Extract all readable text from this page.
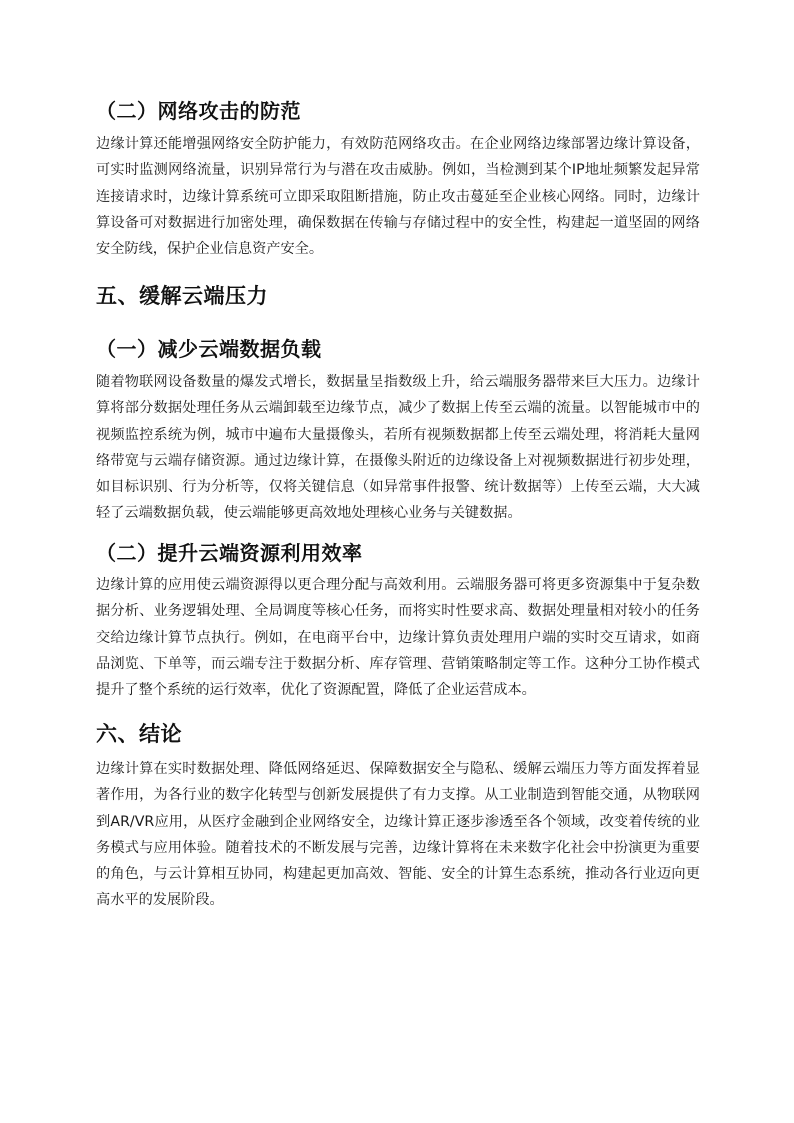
（二）网络攻击的防范

边缘计算还能增强网络安全防护能力，有效防范网络攻击。在企业网络边缘部署边缘计算设备，可实时监测网络流量，识别异常行为与潜在攻击威胁。例如，当检测到某个IP地址频繁发起异常连接请求时，边缘计算系统可立即采取阻断措施，防止攻击蔓延至企业核心网络。同时，边缘计算设备可对数据进行加密处理，确保数据在传输与存储过程中的安全性，构建起一道坚固的网络安全防线，保护企业信息资产安全。

五、缓解云端压力
（一）减少云端数据负载

随着物联网设备数量的爆发式增长，数据量呈指数级上升，给云端服务器带来巨大压力。边缘计算将部分数据处理任务从云端卸载至边缘节点，减少了数据上传至云端的流量。以智能城市中的视频监控系统为例，城市中遍布大量摄像头，若所有视频数据都上传至云端处理，将消耗大量网络带宽与云端存储资源。通过边缘计算，在摄像头附近的边缘设备上对视频数据进行初步处理，如目标识别、行为分析等，仅将关键信息（如异常事件报警、统计数据等）上传至云端，大大减轻了云端数据负载，使云端能够更高效地处理核心业务与关键数据。

（二）提升云端资源利用效率

边缘计算的应用使云端资源得以更合理分配与高效利用。云端服务器可将更多资源集中于复杂数据分析、业务逻辑处理、全局调度等核心任务，而将实时性要求高、数据处理量相对较小的任务交给边缘计算节点执行。例如，在电商平台中，边缘计算负责处理用户端的实时交互请求，如商品浏览、下单等，而云端专注于数据分析、库存管理、营销策略制定等工作。这种分工协作模式提升了整个系统的运行效率，优化了资源配置，降低了企业运营成本。

六、结论

边缘计算在实时数据处理、降低网络延迟、保障数据安全与隐私、缓解云端压力等方面发挥着显著作用，为各行业的数字化转型与创新发展提供了有力支撑。从工业制造到智能交通，从物联网到AR/VR应用，从医疗金融到企业网络安全，边缘计算正逐步渗透至各个领域，改变着传统的业务模式与应用体验。随着技术的不断发展与完善，边缘计算将在未来数字化社会中扮演更为重要的角色，与云计算相互协同，构建起更加高效、智能、安全的计算生态系统，推动各行业迈向更高水平的发展阶段。
